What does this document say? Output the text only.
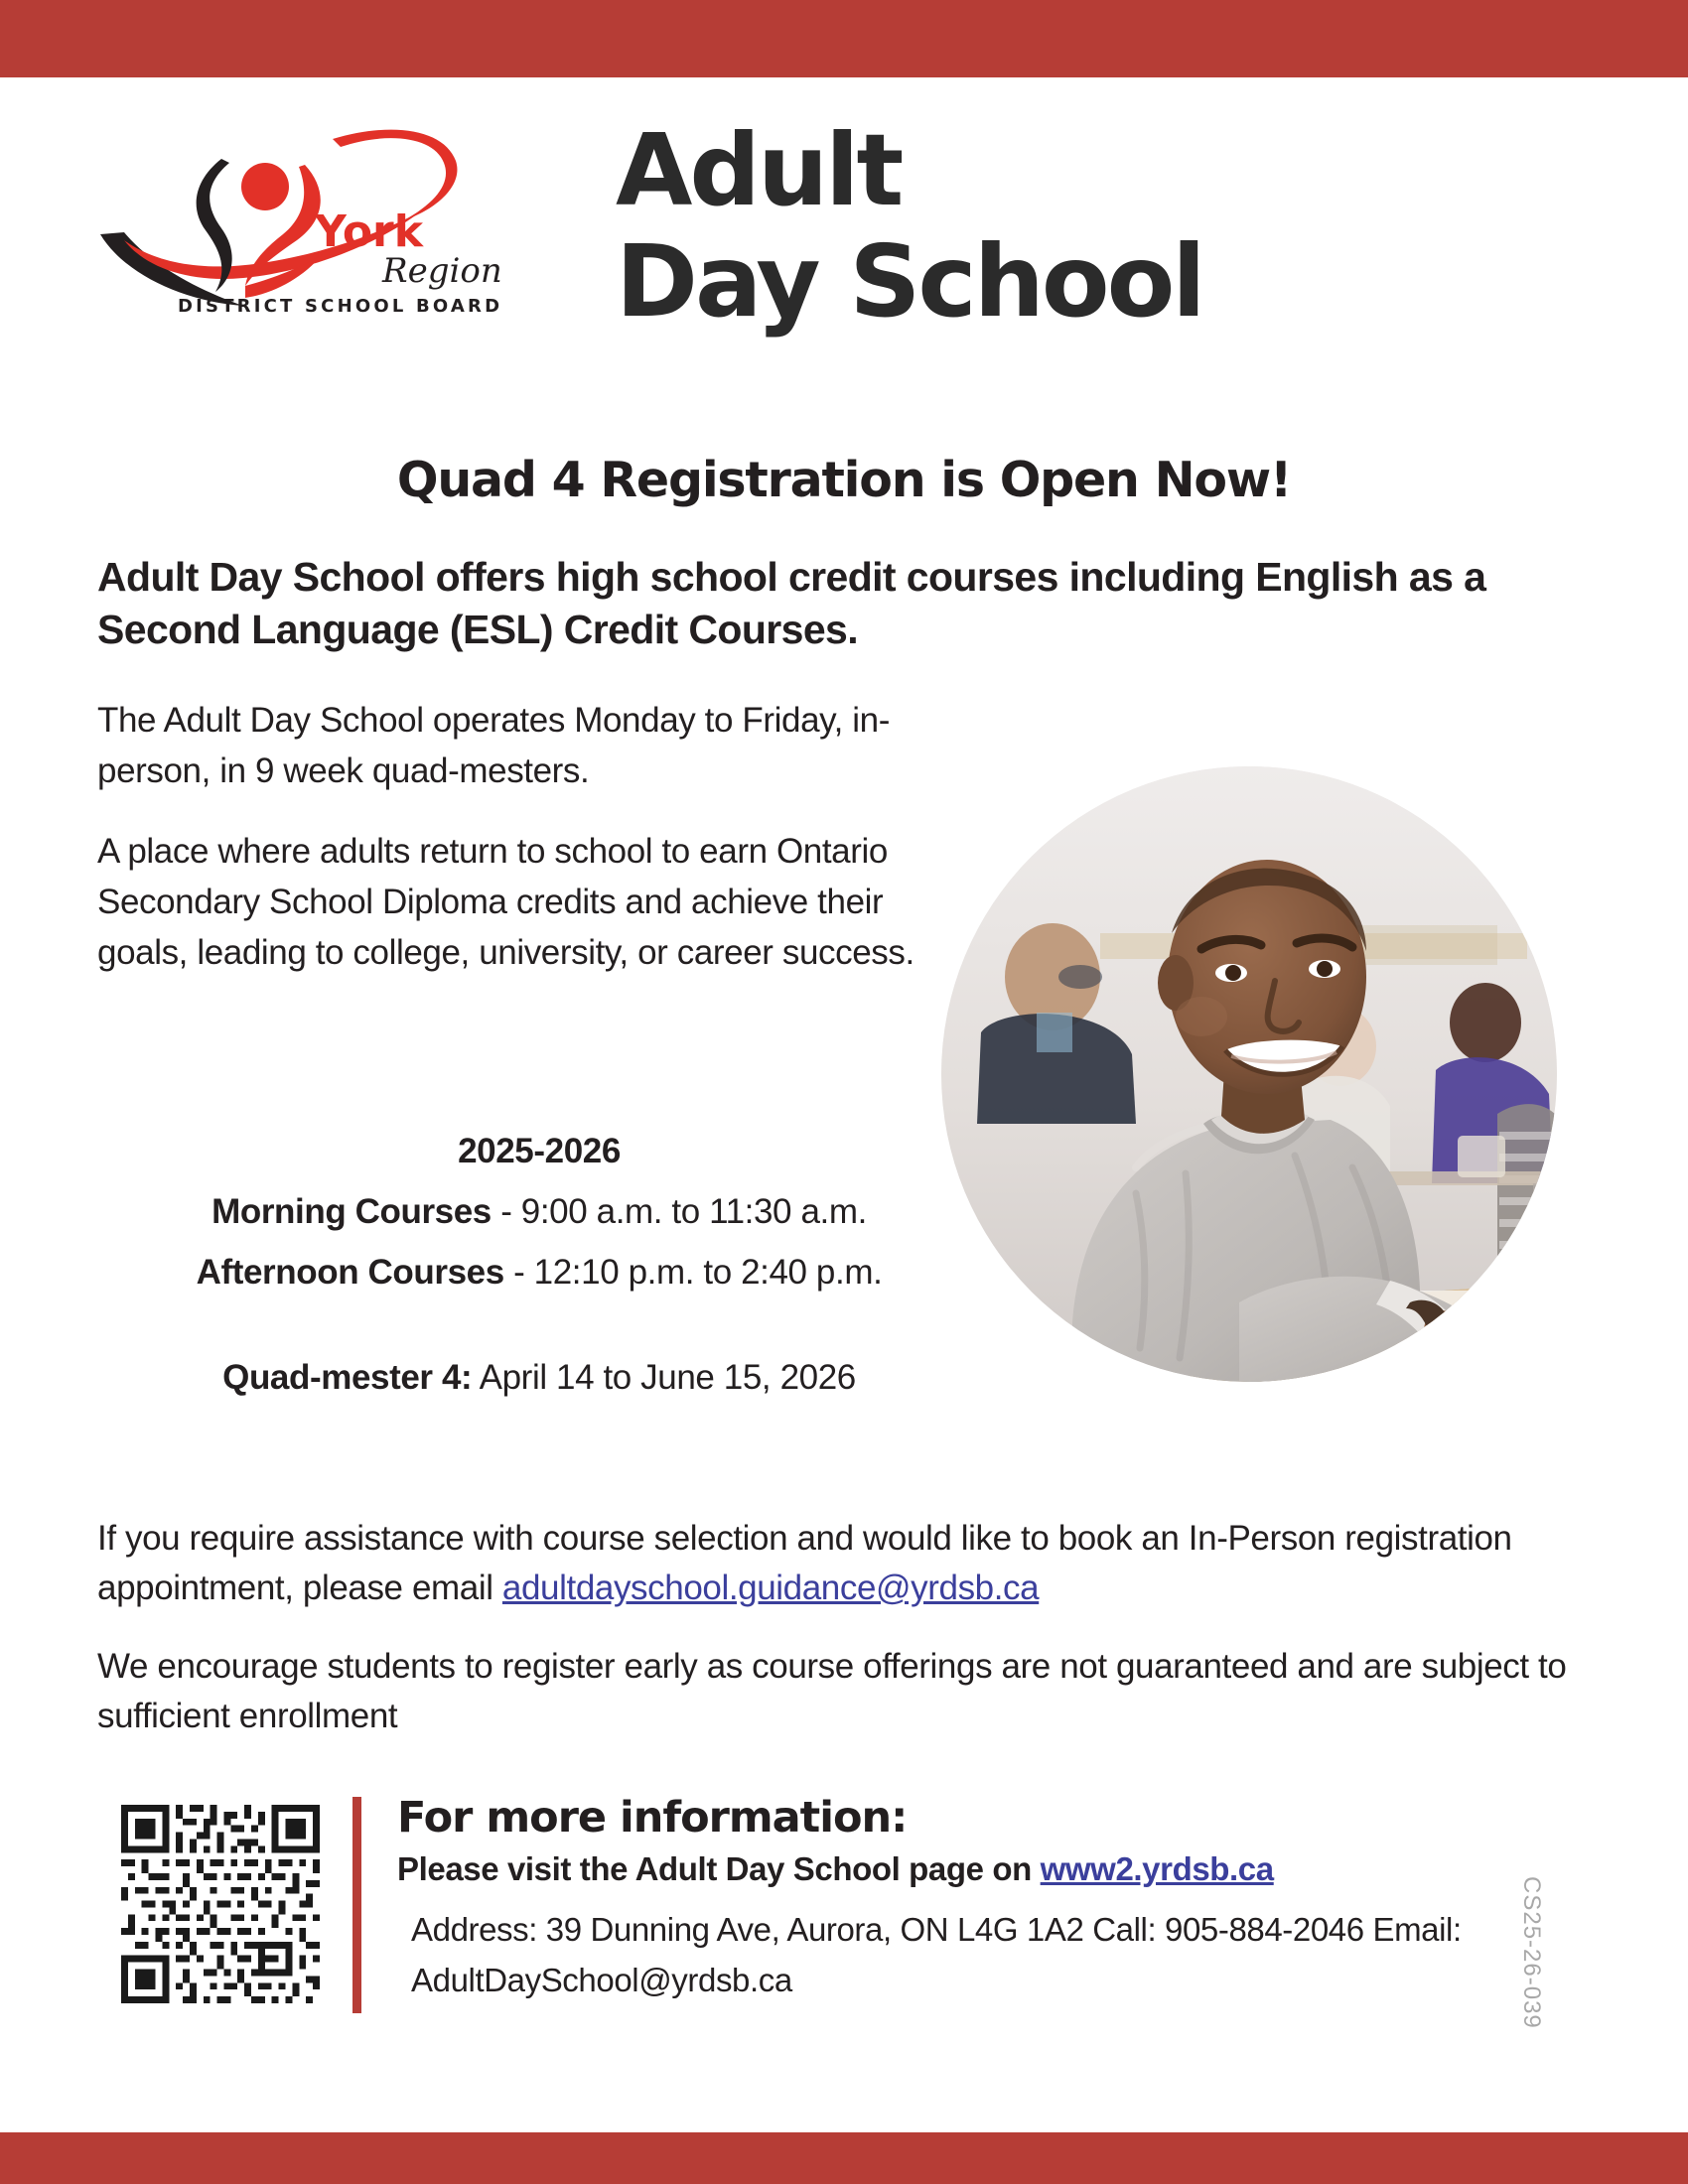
York
Region
DISTRICT SCHOOL BOARD
Adult
Day School
Quad 4 Registration is Open Now!
Adult Day School offers high school credit courses including English as a Second Language (ESL) Credit Courses.
The Adult Day School operates Monday to Friday, in-person, in 9 week quad-mesters.
A place where adults return to school to earn Ontario Secondary School Diploma credits and achieve their goals, leading to college, university, or career success.
2025-2026
Morning Courses - 9:00 a.m. to 11:30 a.m.
Afternoon Courses - 12:10 p.m. to 2:40 p.m.
Quad-mester 4: April 14 to June 15, 2026
If you require assistance with course selection and would like to book an In-Person registration appointment, please email adultdayschool.guidance@yrdsb.ca
We encourage students to register early as course offerings are not guaranteed and are subject to sufficient enrollment
For more information:
Please visit the Adult Day School page on www2.yrdsb.ca
Address: 39 Dunning Ave, Aurora, ON L4G 1A2 Call: 905-884-2046 Email: AdultDaySchool@yrdsb.ca	CS25-26-039
